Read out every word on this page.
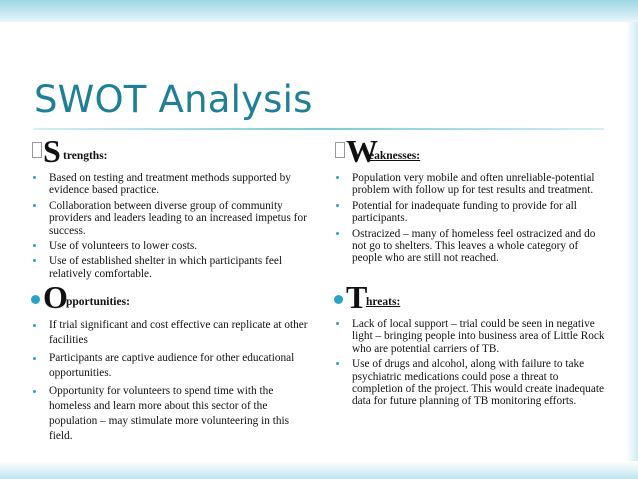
SWOT Analysis
S trengths:
Based on testing and treatment methods supported by evidence based practice.
Collaboration between diverse group of community providers and leaders leading to an increased impetus for success.
Use of volunteers to lower costs.
Use of established shelter in which participants feel relatively comfortable.
W
eaknesses:
Population very mobile and often unreliable-potential problem with follow up for test results and treatment.
Potential for inadequate funding to provide for all participants.
Ostracized – many of homeless feel ostracized and do not go to shelters. This leaves a whole category of people who are still not reached.
O
pportunities:
If trial significant and cost effective can replicate at other facilities
Participants are captive audience for other educational opportunities.
Opportunity for volunteers to spend time with the homeless and learn more about this sector of the population – may stimulate more volunteering in this field.
T
hreats:
Lack of local support – trial could be seen in negative light – bringing people into business area of Little Rock who are potential carriers of TB.
Use of drugs and alcohol, along with failure to take psychiatric medications could pose a threat to completion of the project. This would create inadequate data for future planning of TB monitoring efforts.
